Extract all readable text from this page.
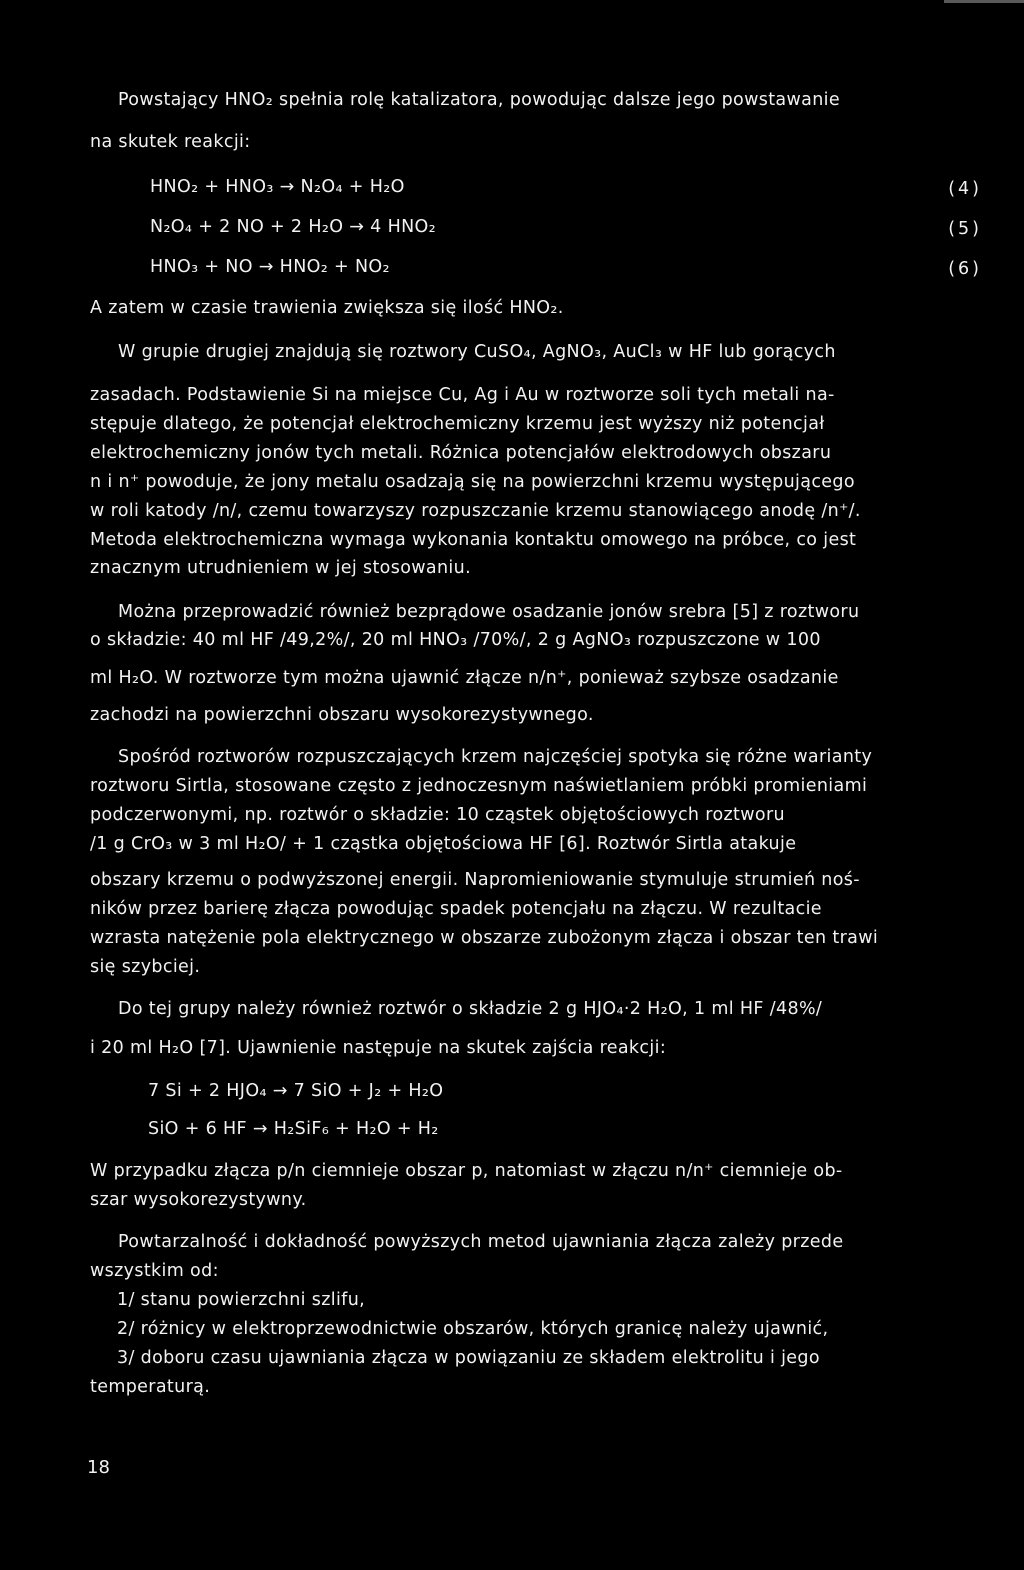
Powstający HNO₂ spełnia rolę katalizatora, powodując dalsze jego powstawanie
na skutek reakcji:
HNO₂ + HNO₃ → N₂O₄ + H₂O	(4)
N₂O₄ + 2 NO + 2 H₂O → 4 HNO₂	(5)
HNO₃ + NO → HNO₂ + NO₂	(6)
A zatem w czasie trawienia zwiększa się ilość HNO₂.
W grupie drugiej znajdują się roztwory CuSO₄, AgNO₃, AuCl₃ w HF lub gorących
zasadach. Podstawienie Si na miejsce Cu, Ag i Au w roztworze soli tych metali na-
stępuje dlatego, że potencjał elektrochemiczny krzemu jest wyższy niż potencjał
elektrochemiczny jonów tych metali. Różnica potencjałów elektrodowych obszaru
n i n⁺ powoduje, że jony metalu osadzają się na powierzchni krzemu występującego
w roli katody /n/, czemu towarzyszy rozpuszczanie krzemu stanowiącego anodę /n⁺/.
Metoda elektrochemiczna wymaga wykonania kontaktu omowego na próbce, co jest
znacznym utrudnieniem w jej stosowaniu.
Można przeprowadzić również bezprądowe osadzanie jonów srebra [5] z roztworu
o składzie: 40 ml HF /49,2%/, 20 ml HNO₃ /70%/, 2 g AgNO₃ rozpuszczone w 100
ml H₂O. W roztworze tym można ujawnić złącze n/n⁺, ponieważ szybsze osadzanie
zachodzi na powierzchni obszaru wysokorezystywnego.
Spośród roztworów rozpuszczających krzem najczęściej spotyka się różne warianty
roztworu Sirtla, stosowane często z jednoczesnym naświetlaniem próbki promieniami
podczerwonymi, np. roztwór o składzie: 10 cząstek objętościowych roztworu
/1 g CrO₃ w 3 ml H₂O/ + 1 cząstka objętościowa HF [6]. Roztwór Sirtla atakuje
obszary krzemu o podwyższonej energii. Napromieniowanie stymuluje strumień noś-
ników przez barierę złącza powodując spadek potencjału na złączu. W rezultacie
wzrasta natężenie pola elektrycznego w obszarze zubożonym złącza i obszar ten trawi
się szybciej.
Do tej grupy należy również roztwór o składzie 2 g HJO₄·2 H₂O, 1 ml HF /48%/
i 20 ml H₂O [7]. Ujawnienie następuje na skutek zajścia reakcji:
7 Si + 2 HJO₄ → 7 SiO + J₂ + H₂O
SiO + 6 HF → H₂SiF₆ + H₂O + H₂
W przypadku złącza p/n ciemnieje obszar p, natomiast w złączu n/n⁺ ciemnieje ob-
szar wysokorezystywny.
Powtarzalność i dokładność powyższych metod ujawniania złącza zależy przede
wszystkim od:
1/ stanu powierzchni szlifu,
2/ różnicy w elektroprzewodnictwie obszarów, których granicę należy ujawnić,
3/ doboru czasu ujawniania złącza w powiązaniu ze składem elektrolitu i jego
temperaturą.
18
